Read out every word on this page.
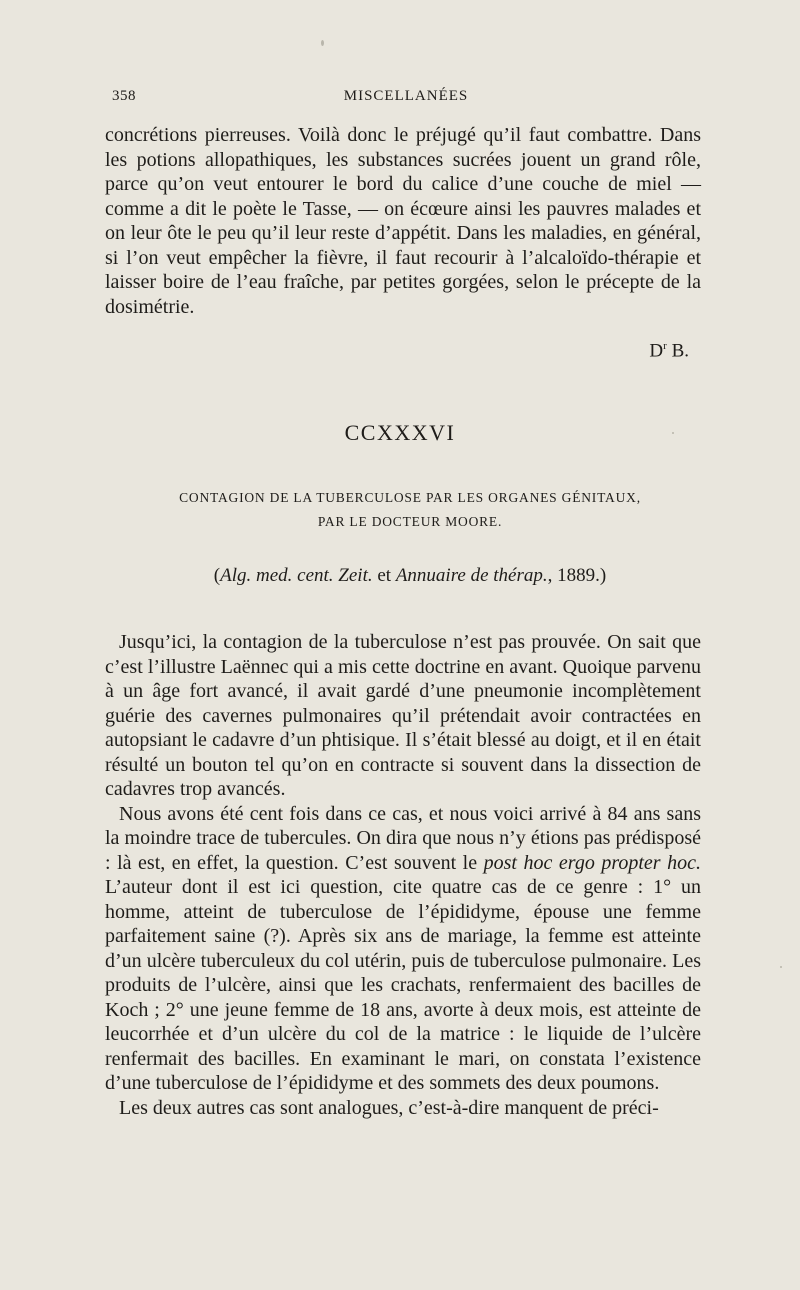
358	MISCELLANÉES

concrétions pierreuses. Voilà donc le préjugé qu’il faut combattre. Dans les potions allopathiques, les substances sucrées jouent un grand rôle, parce qu’on veut entourer le bord du calice d’une couche de miel — comme a dit le poète le Tasse, — on écœure ainsi les pauvres malades et on leur ôte le peu qu’il leur reste d’appétit. Dans les maladies, en général, si l’on veut empêcher la fièvre, il faut recourir à l’alcaloïdo-thérapie et laisser boire de l’eau fraîche, par petites gorgées, selon le précepte de la dosimétrie.

$D^r$ B.
CCXXXVI
CONTAGION DE LA TUBERCULOSE PAR LES ORGANES GÉNITAUX,
PAR LE DOCTEUR MOORE.
(Alg. med. cent. Zeit. et Annuaire de thérap., 1889.)

Jusqu’ici, la contagion de la tuberculose n’est pas prouvée. On sait que c’est l’illustre Laënnec qui a mis cette doctrine en avant. Quoique parvenu à un âge fort avancé, il avait gardé d’une pneumonie incomplètement guérie des cavernes pulmonaires qu’il prétendait avoir contractées en autopsiant le cadavre d’un phtisique. Il s’était blessé au doigt, et il en était résulté un bouton tel qu’on en contracte si souvent dans la dissection de cadavres trop avancés.

Nous avons été cent fois dans ce cas, et nous voici arrivé à 84 ans sans la moindre trace de tubercules. On dira que nous n’y étions pas prédisposé : là est, en effet, la question. C’est souvent le post hoc ergo propter hoc. L’auteur dont il est ici question, cite quatre cas de ce genre : 1° un homme, atteint de tuberculose de l’épididyme, épouse une femme parfaitement saine (?). Après six ans de mariage, la femme est atteinte d’un ulcère tuberculeux du col utérin, puis de tuberculose pulmonaire. Les produits de l’ulcère, ainsi que les crachats, renfermaient des bacilles de Koch ; 2° une jeune femme de 18 ans, avorte à deux mois, est atteinte de leucorrhée et d’un ulcère du col de la matrice : le liquide de l’ulcère renfermait des bacilles. En examinant le mari, on constata l’existence d’une tuberculose de l’épididyme et des sommets des deux poumons.

Les deux autres cas sont analogues, c’est-à-dire manquent de préci-
